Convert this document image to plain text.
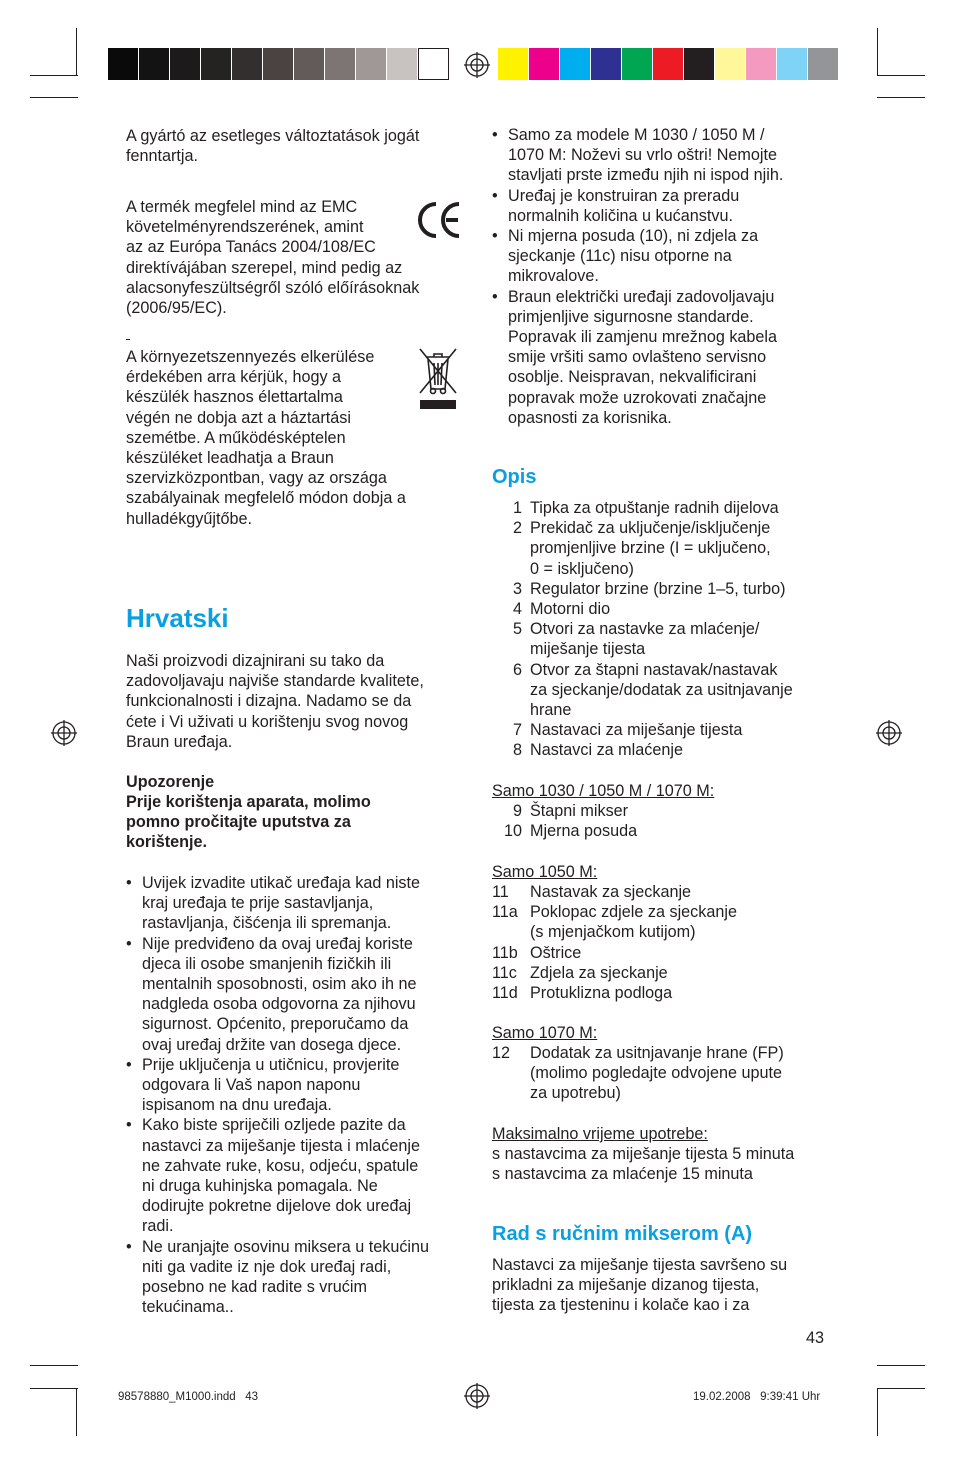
A gyártó az esetleges változtatások jogát
fenntartja.
A termék megfelel mind az EMC
követelményrendszerének, amint
az az Európa Tanács 2004/108/EC
direktívájában szerepel, mind pedig az
alacsonyfeszültségről szóló előírásoknak
(2006/95/EC).
A környezetszennyezés elkerülése
érdekében arra kérjük, hogy a
készülék hasznos élettartalma
végén ne dobja azt a háztartási
szemétbe. A működésképtelen
készüléket leadhatja a Braun
szervizközpontban, vagy az országa
szabályainak megfelelő módon dobja a
hulladékgyűjtőbe.
Hrvatski
Naši proizvodi dizajnirani su tako da
zadovoljavaju najviše standarde kvalitete,
funkcionalnosti i dizajna. Nadamo se da
ćete i Vi uživati u korištenju svog novog
Braun uređaja.
Upozorenje
Prije korištenja aparata, molimo
pomno pročitajte uputstva za
korištenje.
• Uvijek izvadite utikač uređaja kad niste
kraj uređaja te prije sastavljanja,
rastavljanja, čišćenja ili spremanja.
• Nije predviđeno da ovaj uređaj koriste
djeca ili osobe smanjenih fizičkih ili
mentalnih sposobnosti, osim ako ih ne
nadgleda osoba odgovorna za njihovu
sigurnost. Općenito, preporučamo da
ovaj uređaj držite van dosega djece.
• Prije uključenja u utičnicu, provjerite
odgovara li Vaš napon naponu
ispisanom na dnu uređaja.
• Kako biste spriječili ozljede pazite da
nastavci za miješanje tijesta i mlaćenje
ne zahvate ruke, kosu, odjeću, spatule
ni druga kuhinjska pomagala. Ne
dodirujte pokretne dijelove dok uređaj
radi.
• Ne uranjajte osovinu miksera u tekućinu
niti ga vadite iz nje dok uređaj radi,
posebno ne kad radite s vrućim
tekućinama..
• Samo za modele M 1030 / 1050 M /
1070 M: Noževi su vrlo oštri! Nemojte
stavljati prste između njih ni ispod njih.
• Uređaj je konstruiran za preradu
normalnih količina u kućanstvu.
• Ni mjerna posuda (10), ni zdjela za
sjeckanje (11c) nisu otporne na
mikrovalove.
• Braun električki uređaji zadovoljavaju
primjenljive sigurnosne standarde.
Popravak ili zamjenu mrežnog kabela
smije vršiti samo ovlašteno servisno
osoblje. Neispravan, nekvalificirani
popravak može uzrokovati značajne
opasnosti za korisnika.
Opis
1 Tipka za otpuštanje radnih dijelova
2 Prekidač za uključenje/isključenje
promjenljive brzine (I = uključeno,
0 = isključeno)
3 Regulator brzine (brzine 1–5, turbo)
4 Motorni dio
5 Otvori za nastavke za mlaćenje/
miješanje tijesta
6 Otvor za štapni nastavak/nastavak
za sjeckanje/dodatak za usitnjavanje
hrane
7 Nastavaci za miješanje tijesta
8 Nastavci za mlaćenje
Samo 1030 / 1050 M / 1070 M:
9 Štapni mikser
10 Mjerna posuda
Samo 1050 M:
11	Nastavak za sjeckanje
11a Poklopac zdjele za sjeckanje
(s mjenjačkom kutijom)
11b Oštrice
11c Zdjela za sjeckanje
11d Protuklizna podloga
Samo 1070 M:
12	Dodatak za usitnjavanje hrane (FP)
(molimo pogledajte odvojene upute
za upotrebu)
Maksimalno vrijeme upotrebe:
s nastavcima za miješanje tijesta 5 minuta
s nastavcima za mlaćenje 15 minuta
Rad s ručnim mikserom (A)
Nastavci za miješanje tijesta savršeno su
prikladni za miješanje dizanog tijesta,
tijesta za tjesteninu i kolače kao i za
43
98578880_M1000.indd   43	19.02.2008   9:39:41 Uhr
